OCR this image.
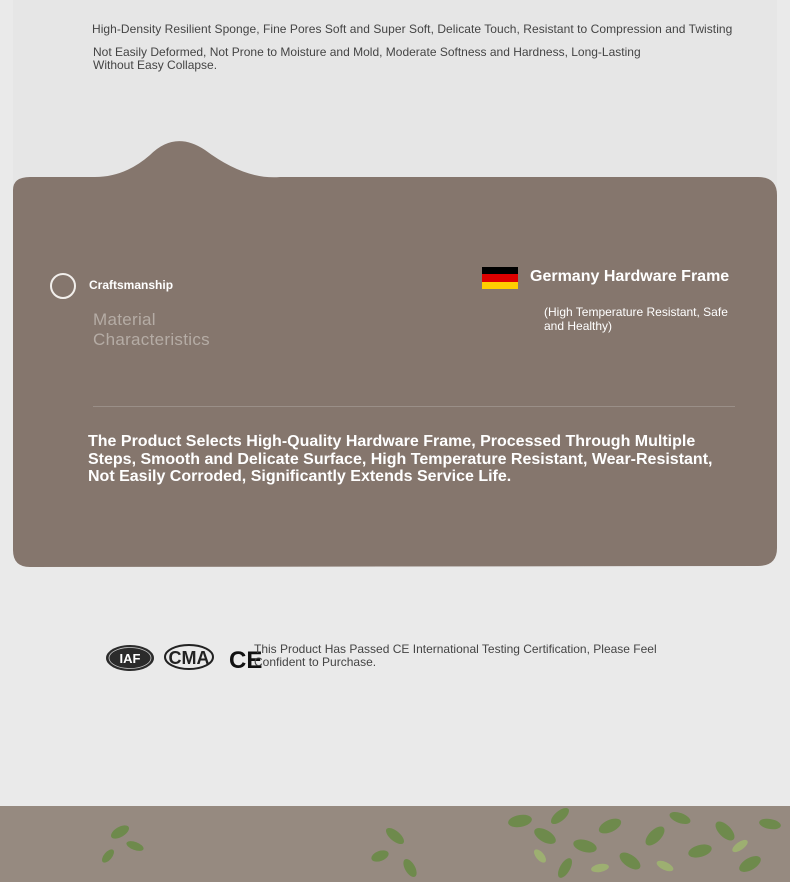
High-Density Resilient Sponge, Fine Pores Soft and Super Soft, Delicate Touch, Resistant to Compression and Twisting
Not Easily Deformed, Not Prone to Moisture and Mold, Moderate Softness and Hardness, Long-Lasting Without Easy Collapse.
Craftsmanship
Material Characteristics
Germany Hardware Frame
(High Temperature Resistant, Safe and Healthy)
The Product Selects High-Quality Hardware Frame, Processed Through Multiple Steps, Smooth and Delicate Surface, High Temperature Resistant, Wear-Resistant, Not Easily Corroded, Significantly Extends Service Life.
IAF CMA CE
This Product Has Passed CE International Testing Certification, Please Feel Confident to Purchase.
